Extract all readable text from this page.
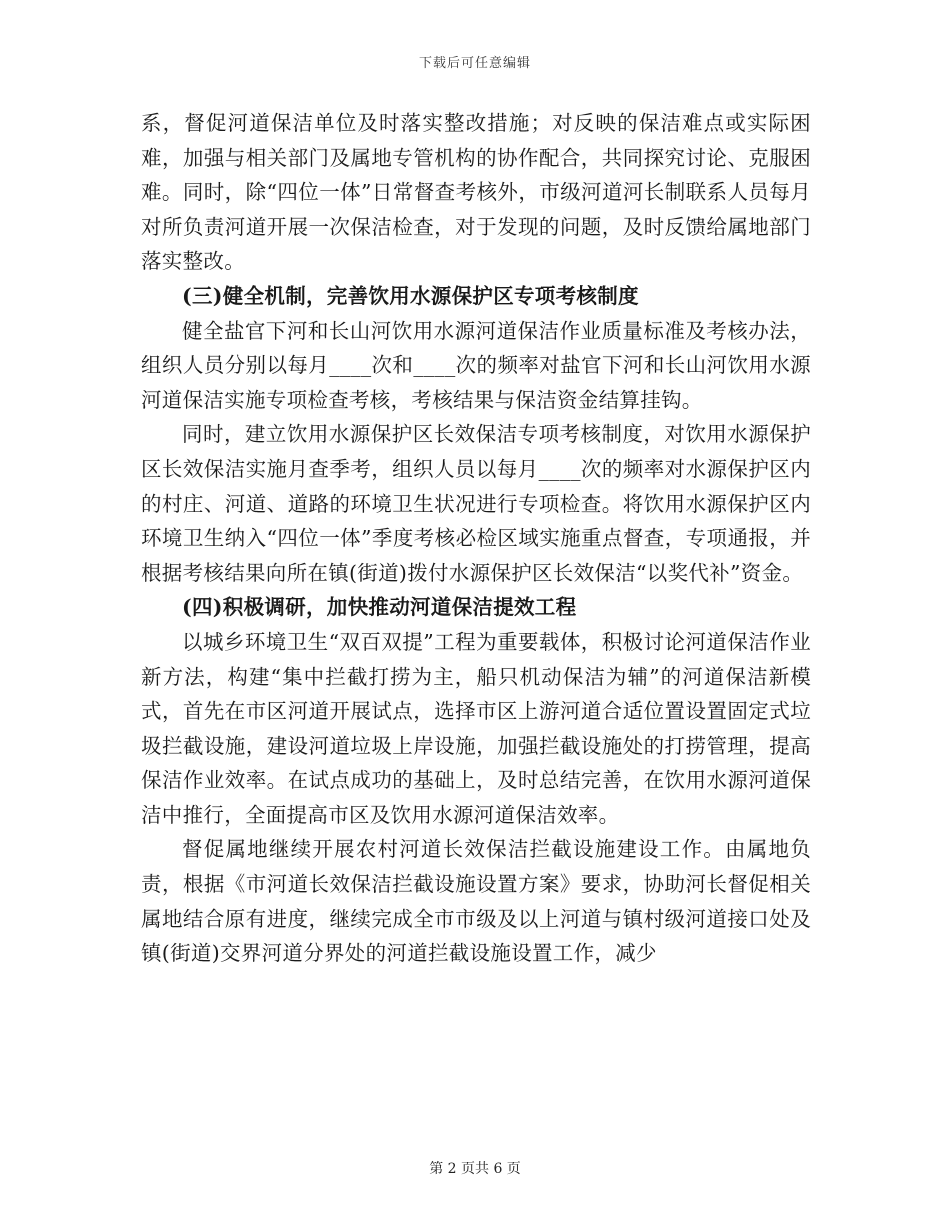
下载后可任意编辑

系，督促河道保洁单位及时落实整改措施；对反映的保洁难点或实际困难，加强与相关部门及属地专管机构的协作配合，共同探究讨论、克服困难。同时，除“四位一体”日常督查考核外，市级河道河长制联系人员每月对所负责河道开展一次保洁检查，对于发现的问题，及时反馈给属地部门落实整改。

(三)健全机制，完善饮用水源保护区专项考核制度

健全盐官下河和长山河饮用水源河道保洁作业质量标准及考核办法，组织人员分别以每月____次和____次的频率对盐官下河和长山河饮用水源河道保洁实施专项检查考核，考核结果与保洁资金结算挂钩。

同时，建立饮用水源保护区长效保洁专项考核制度，对饮用水源保护区长效保洁实施月查季考，组织人员以每月____次的频率对水源保护区内的村庄、河道、道路的环境卫生状况进行专项检查。将饮用水源保护区内环境卫生纳入“四位一体”季度考核必检区域实施重点督查，专项通报，并根据考核结果向所在镇(街道)拨付水源保护区长效保洁“以奖代补”资金。

(四)积极调研，加快推动河道保洁提效工程

以城乡环境卫生“双百双提”工程为重要载体，积极讨论河道保洁作业新方法，构建“集中拦截打捞为主，船只机动保洁为辅”的河道保洁新模式，首先在市区河道开展试点，选择市区上游河道合适位置设置固定式垃圾拦截设施，建设河道垃圾上岸设施，加强拦截设施处的打捞管理，提高保洁作业效率。在试点成功的基础上，及时总结完善，在饮用水源河道保洁中推行，全面提高市区及饮用水源河道保洁效率。

督促属地继续开展农村河道长效保洁拦截设施建设工作。由属地负责，根据《市河道长效保洁拦截设施设置方案》要求，协助河长督促相关属地结合原有进度，继续完成全市市级及以上河道与镇村级河道接口处及镇(街道)交界河道分界处的河道拦截设施设置工作，减少

第 2 页共 6 页
